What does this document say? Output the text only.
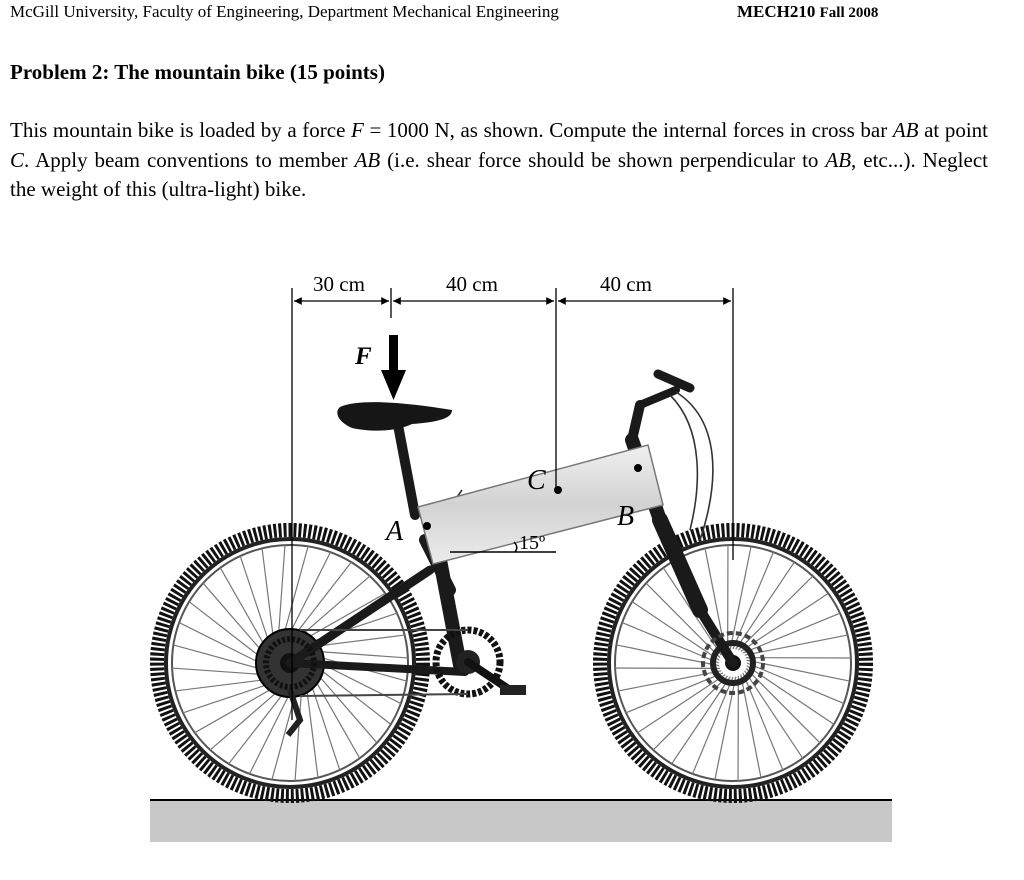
McGill University, Faculty of Engineering, Department Mechanical Engineering	MECH210 Fall 2008
Problem 2: The mountain bike (15 points)
This mountain bike is loaded by a force F = 1000 N, as shown. Compute the internal forces in cross bar AB at point C. Apply beam conventions to member AB (i.e. shear force should be shown perpendicular to AB, etc...). Neglect the weight of this (ultra-light) bike.
30 cm	40 cm	40 cm
F
A	B
C
15º
